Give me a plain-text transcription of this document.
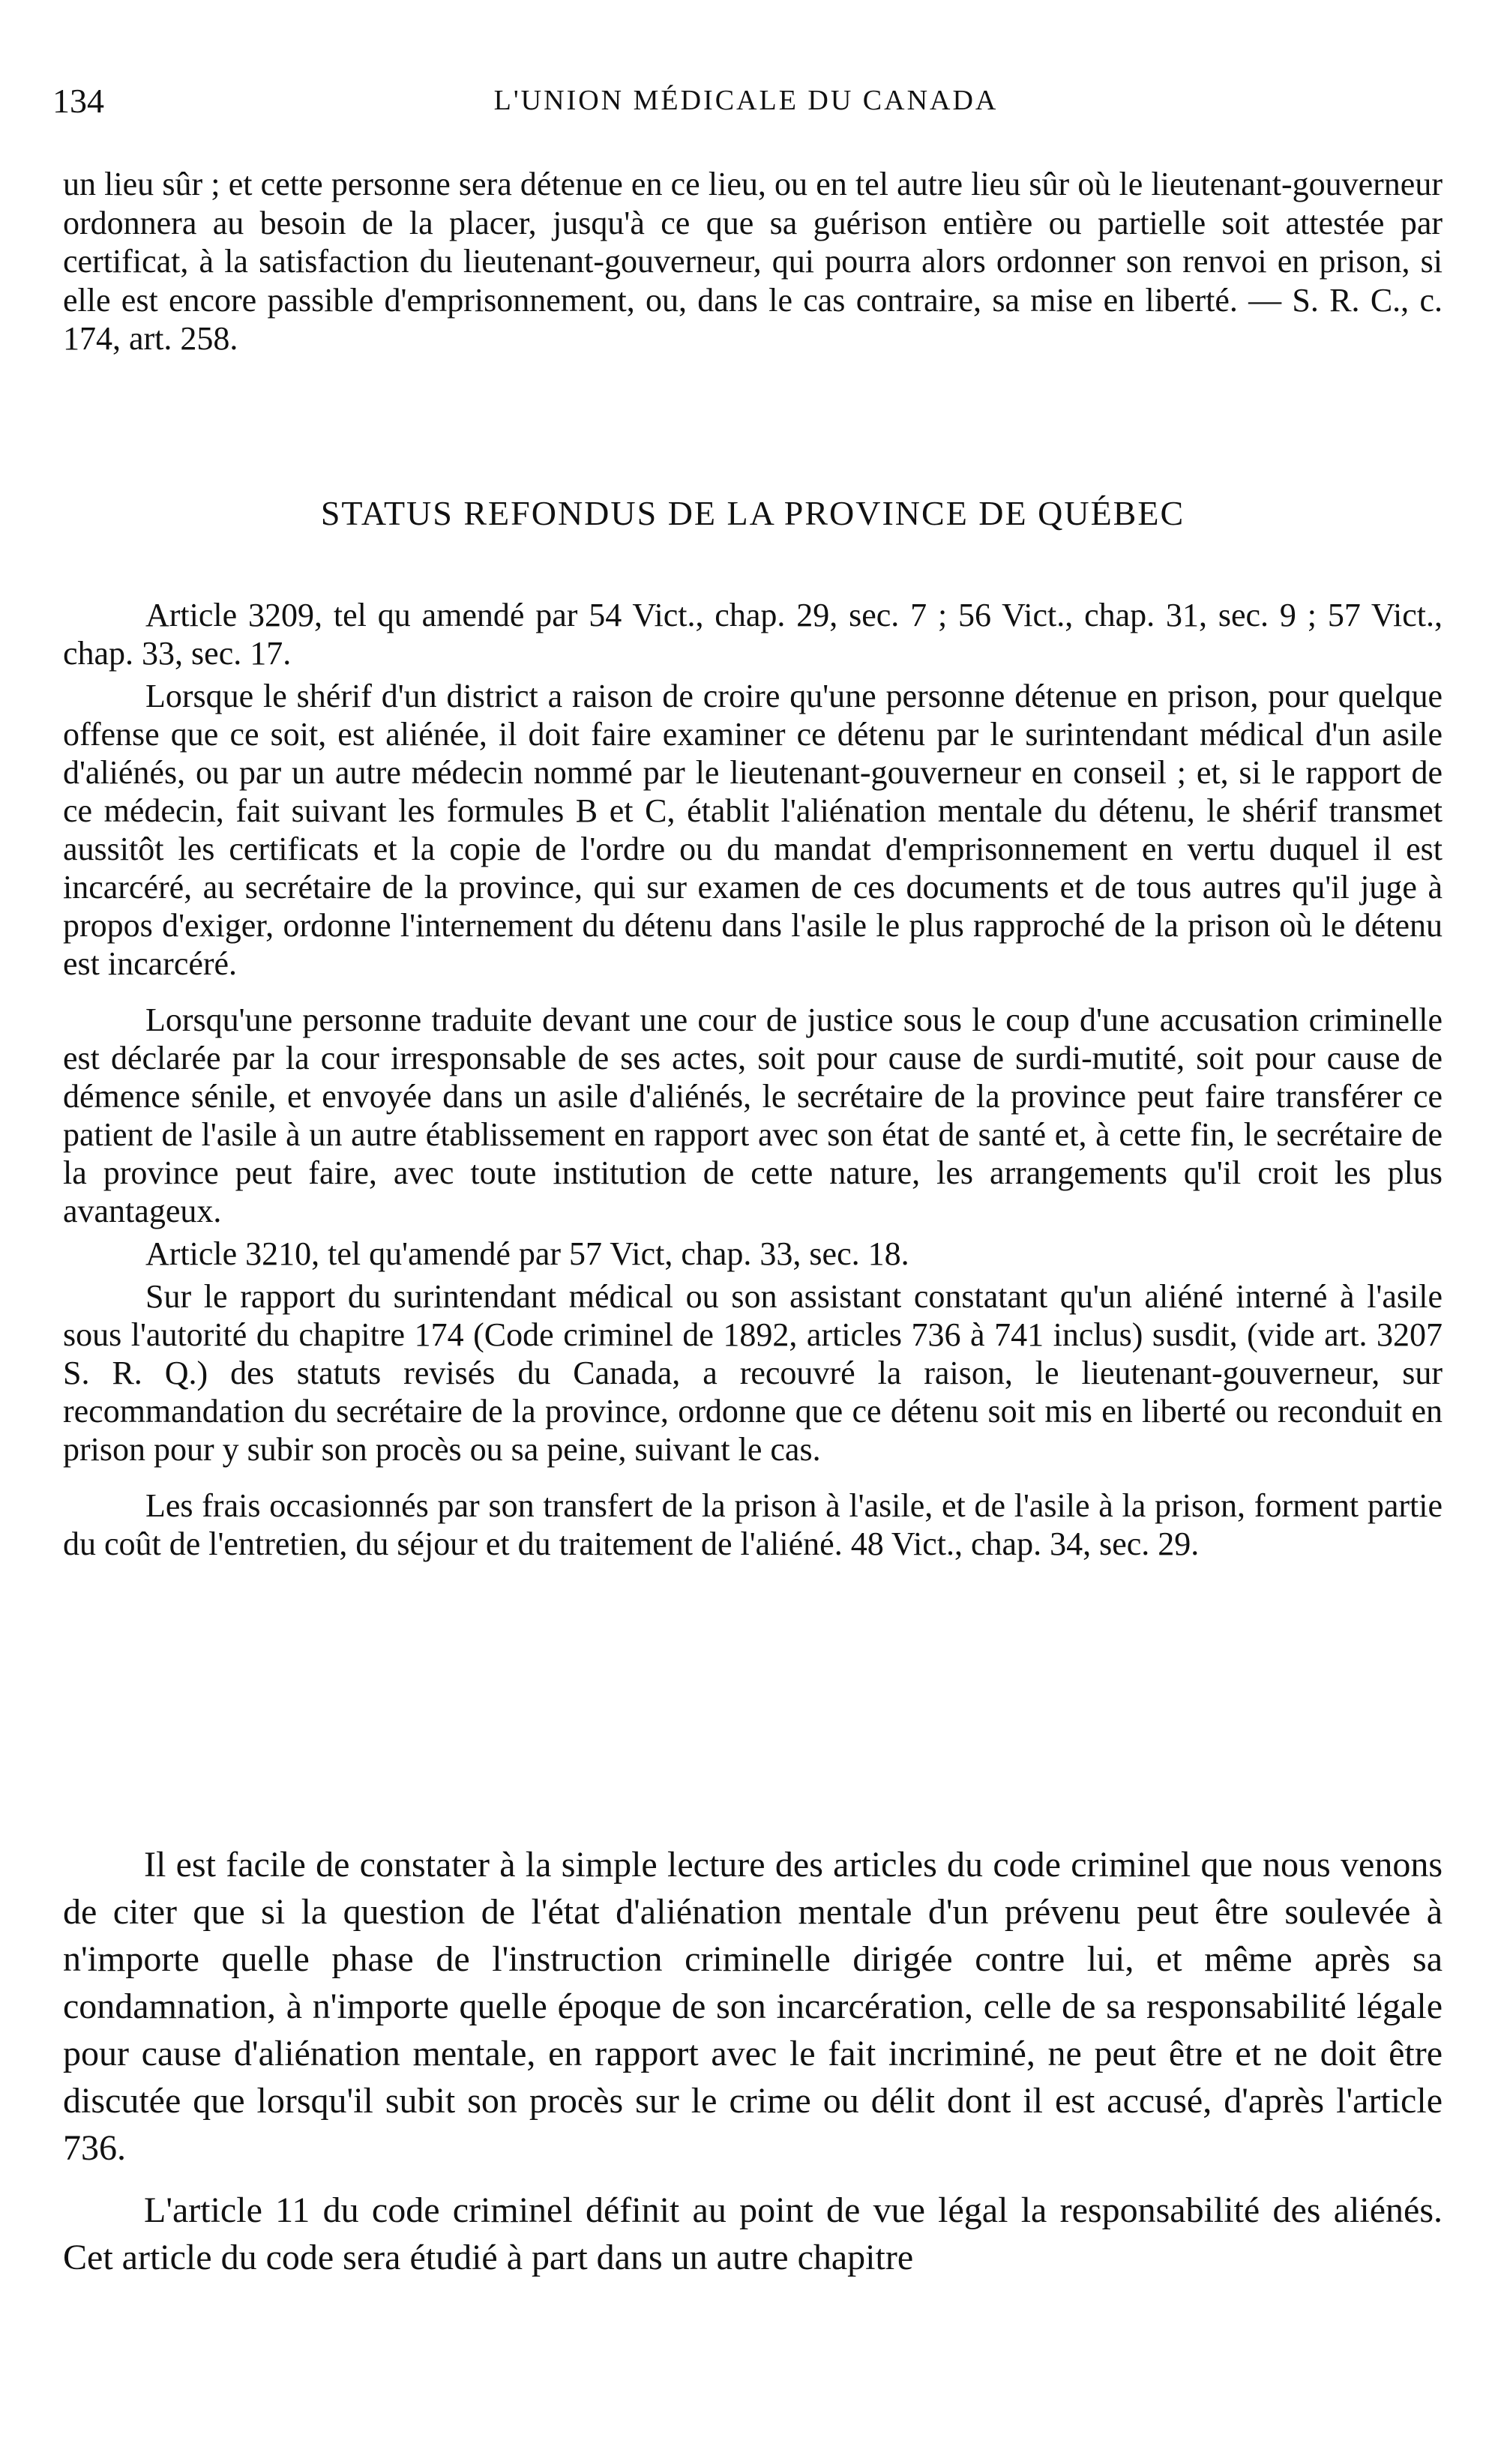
134	L'UNION MÉDICALE DU CANADA

un lieu sûr ; et cette personne sera détenue en ce lieu, ou en tel autre lieu sûr où le lieutenant-gouverneur ordonnera au besoin de la placer, jusqu'à ce que sa guérison entière ou partielle soit attestée par certificat, à la satisfaction du lieutenant-gouverneur, qui pourra alors ordonner son renvoi en prison, si elle est encore passible d'emprisonnement, ou, dans le cas contraire, sa mise en liberté. — S. R. C., c. 174, art. 258.

STATUS REFONDUS DE LA PROVINCE DE QUÉBEC

Article 3209, tel qu amendé par 54 Vict., chap. 29, sec. 7 ; 56 Vict., chap. 31, sec. 9 ; 57 Vict., chap. 33, sec. 17.

Lorsque le shérif d'un district a raison de croire qu'une personne détenue en prison, pour quelque offense que ce soit, est aliénée, il doit faire examiner ce détenu par le surintendant médical d'un asile d'aliénés, ou par un autre médecin nommé par le lieutenant-gouverneur en conseil ; et, si le rapport de ce médecin, fait suivant les formules B et C, établit l'aliénation mentale du détenu, le shérif transmet aussitôt les certificats et la copie de l'ordre ou du mandat d'emprisonnement en vertu duquel il est incarcéré, au secrétaire de la province, qui sur examen de ces documents et de tous autres qu'il juge à propos d'exiger, ordonne l'internement du détenu dans l'asile le plus rapproché de la prison où le détenu est incarcéré.

Lorsqu'une personne traduite devant une cour de justice sous le coup d'une accusation criminelle est déclarée par la cour irresponsable de ses actes, soit pour cause de surdi-mutité, soit pour cause de démence sénile, et envoyée dans un asile d'aliénés, le secrétaire de la province peut faire transférer ce patient de l'asile à un autre établissement en rapport avec son état de santé et, à cette fin, le secrétaire de la province peut faire, avec toute institution de cette nature, les arrangements qu'il croit les plus avantageux.

Article 3210, tel qu'amendé par 57 Vict, chap. 33, sec. 18.

Sur le rapport du surintendant médical ou son assistant constatant qu'un aliéné interné à l'asile sous l'autorité du chapitre 174 (Code criminel de 1892, articles 736 à 741 inclus) susdit, (vide art. 3207 S. R. Q.) des statuts revisés du Canada, a recouvré la raison, le lieutenant-gouverneur, sur recommandation du secrétaire de la province, ordonne que ce détenu soit mis en liberté ou reconduit en prison pour y subir son procès ou sa peine, suivant le cas.

Les frais occasionnés par son transfert de la prison à l'asile, et de l'asile à la prison, forment partie du coût de l'entretien, du séjour et du traitement de l'aliéné. 48 Vict., chap. 34, sec. 29.

Il est facile de constater à la simple lecture des articles du code criminel que nous venons de citer que si la question de l'état d'aliénation mentale d'un prévenu peut être soulevée à n'importe quelle phase de l'instruction criminelle dirigée contre lui, et même après sa condamnation, à n'importe quelle époque de son incarcération, celle de sa responsabilité légale pour cause d'aliénation mentale, en rapport avec le fait incriminé, ne peut être et ne doit être discutée que lorsqu'il subit son procès sur le crime ou délit dont il est accusé, d'après l'article 736.

L'article 11 du code criminel définit au point de vue légal la responsabilité des aliénés. Cet article du code sera étudié à part dans un autre chapitre
